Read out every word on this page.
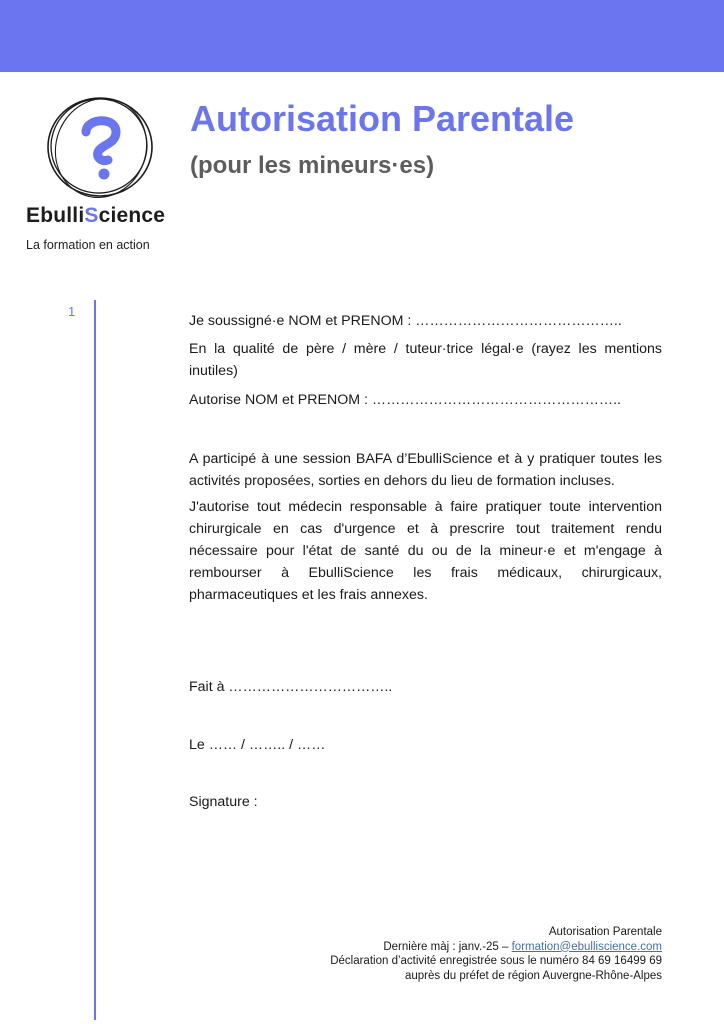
EbulliScience
La formation en action
Autorisation Parentale
(pour les mineurs·es)
1

Je soussigné·e NOM et PRENOM : ……………………………………..

En la qualité de père / mère / tuteur·trice légal·e (rayez les mentions inutiles)

Autorise NOM et PRENOM : ……………………………………………..

A participé à une session BAFA d’EbulliScience et à y pratiquer toutes les activités proposées, sorties en dehors du lieu de formation incluses.

J'autorise tout médecin responsable à faire pratiquer toute intervention chirurgicale en cas d'urgence et à prescrire tout traitement rendu nécessaire pour l'état de santé du ou de la mineur·e et m'engage à rembourser à EbulliScience les frais médicaux, chirurgicaux, pharmaceutiques et les frais annexes.

Fait à ……………………………..

Le …… / …….. / ……

Signature :

Autorisation Parentale
Dernière màj : janv.-25 – formation@ebulliscience.com
Déclaration d’activité enregistrée sous le numéro 84 69 16499 69
auprès du préfet de région Auvergne-Rhône-Alpes
